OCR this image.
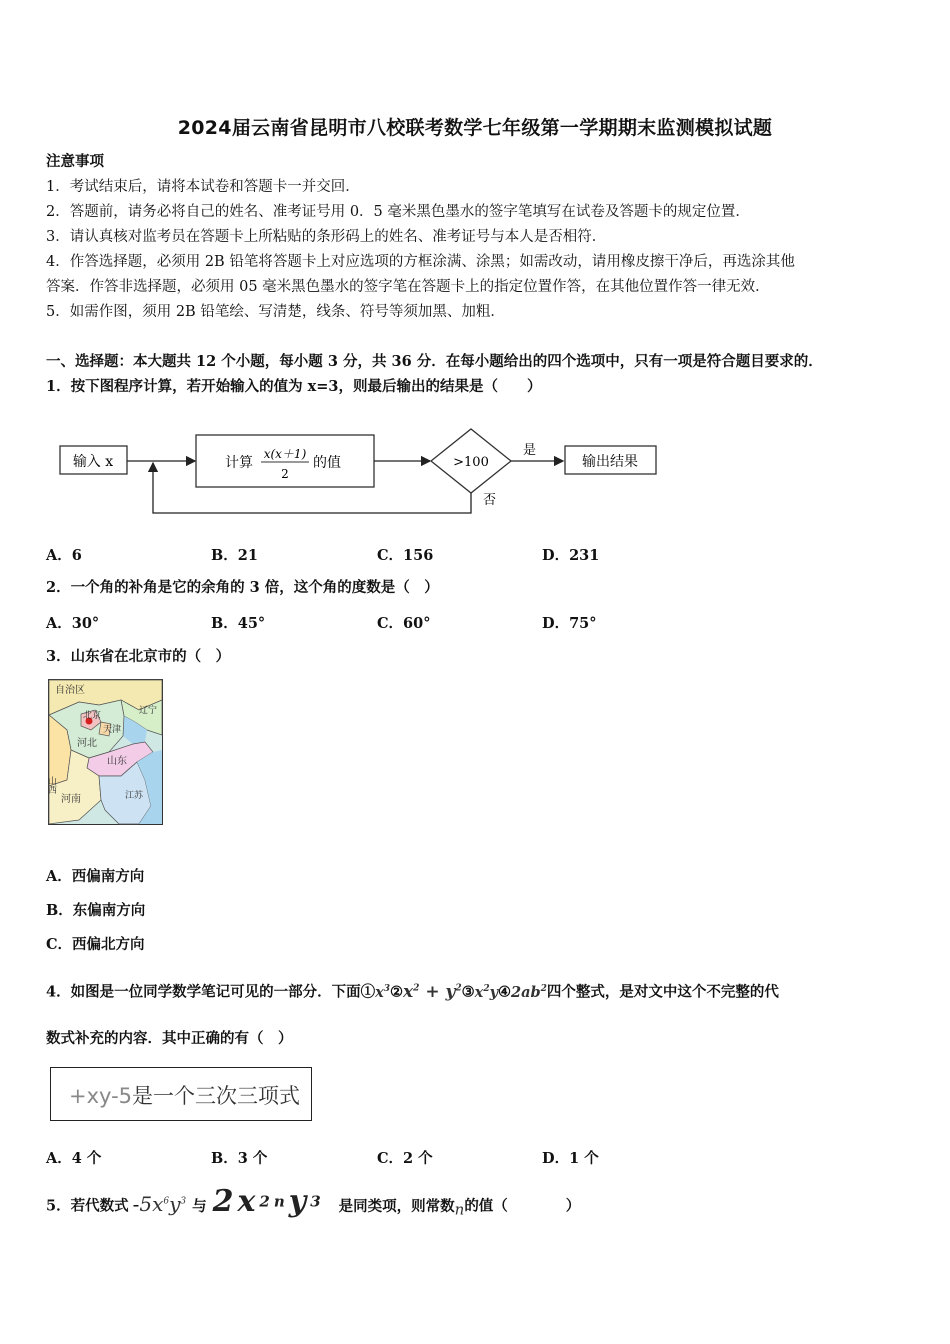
2024届云南省昆明市八校联考数学七年级第一学期期末监测模拟试题
注意事项
1．考试结束后，请将本试卷和答题卡一并交回．
2．答题前，请务必将自己的姓名、准考证号用 0．5 毫米黑色墨水的签字笔填写在试卷及答题卡的规定位置．
3．请认真核对监考员在答题卡上所粘贴的条形码上的姓名、准考证号与本人是否相符．
4．作答选择题，必须用 2B 铅笔将答题卡上对应选项的方框涂满、涂黑；如需改动，请用橡皮擦干净后，再选涂其他
答案．作答非选择题，必须用 05 毫米黑色墨水的签字笔在答题卡上的指定位置作答，在其他位置作答一律无效．
5．如需作图，须用 2B 铅笔绘、写清楚，线条、符号等须加黑、加粗．
一、选择题：本大题共 12 个小题，每小题 3 分，共 36 分．在每小题给出的四个选项中，只有一项是符合题目要求的．
1．按下图程序计算，若开始输入的值为 x=3，则最后输出的结果是（　　）
输入 x	计算
x(x＋1)
2
的值	>100
是
输出结果
否
A．6	B．21	C．156	D．231
2．一个角的补角是它的余角的 3 倍，这个角的度数是（　）
A．30°	B．45°	C．60°	D．75°
3．山东省在北京市的（　）
自治区
辽宁
北京
天津
河北
山西
山东
河南	江苏
A．西偏南方向
B．东偏南方向
C．西偏北方向
4．如图是一位同学数学笔记可见的一部分．下面$①x^3②x^2$ + $y^2③x^2y④2ab^2$四个整式，是对文中这个不完整的代
数式补充的内容．其中正确的有（　）
+xy-5是一个三次三项式
A．4 个	B．3 个	C．2 个	D．1 个
5．若代数式 $-5x^6y^3$ 与 $2x^{2n}y^3$ 是同类项，则常数n的值（　　　　）
